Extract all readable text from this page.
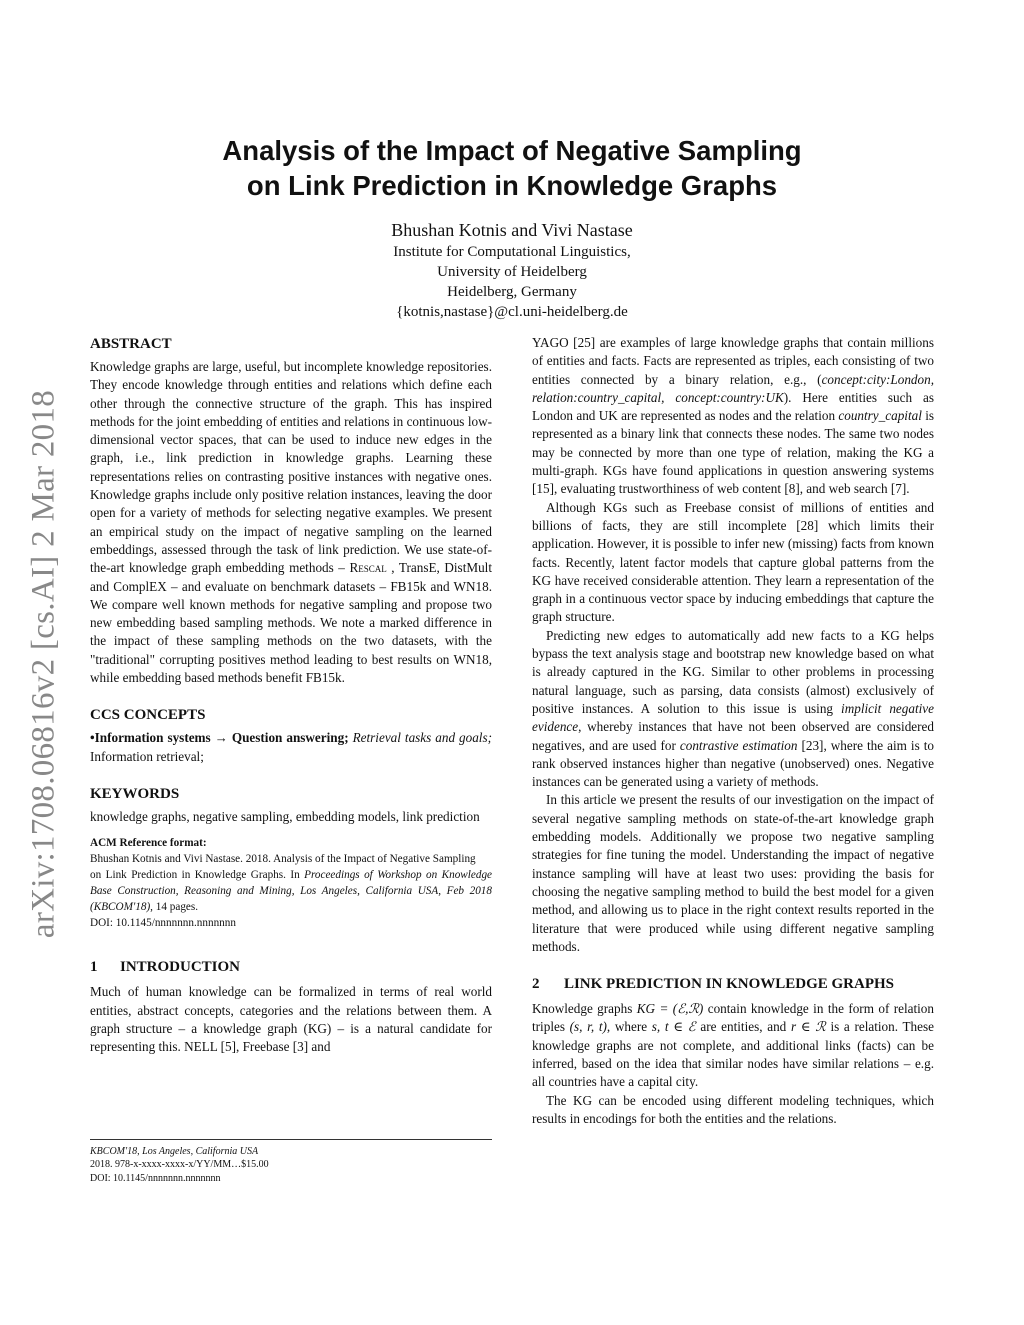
arXiv:1708.06816v2 [cs.AI] 2 Mar 2018
Analysis of the Impact of Negative Sampling
on Link Prediction in Knowledge Graphs
Bhushan Kotnis and Vivi Nastase
Institute for Computational Linguistics,
University of Heidelberg
Heidelberg, Germany
{kotnis,nastase}@cl.uni-heidelberg.de
ABSTRACT

Knowledge graphs are large, useful, but incomplete knowledge repositories. They encode knowledge through entities and relations which define each other through the connective structure of the graph. This has inspired methods for the joint embedding of entities and relations in continuous low-dimensional vector spaces, that can be used to induce new edges in the graph, i.e., link prediction in knowledge graphs. Learning these representations relies on contrasting positive instances with negative ones. Knowledge graphs include only positive relation instances, leaving the door open for a variety of methods for selecting negative examples. We present an empirical study on the impact of negative sampling on the learned embeddings, assessed through the task of link prediction. We use state-of-the-art knowledge graph embedding methods – Rescal , TransE, DistMult and ComplEX – and evaluate on benchmark datasets – FB15k and WN18. We compare well known methods for negative sampling and propose two new embedding based sampling methods. We note a marked difference in the impact of these sampling methods on the two datasets, with the "traditional" corrupting positives method leading to best results on WN18, while embedding based methods benefit FB15k.

CCS CONCEPTS

•Information systems → Question answering; Retrieval tasks and goals; Information retrieval;

KEYWORDS

knowledge graphs, negative sampling, embedding models, link prediction

ACM Reference format:
Bhushan Kotnis and Vivi Nastase. 2018. Analysis of the Impact of Negative Sampling
on Link Prediction in Knowledge Graphs. In Proceedings of Workshop on Knowledge Base Construction, Reasoning and Mining, Los Angeles, California USA, Feb 2018 (KBCOM'18), 14 pages.
DOI: 10.1145/nnnnnnn.nnnnnnn
1 INTRODUCTION

Much of human knowledge can be formalized in terms of real world entities, abstract concepts, categories and the relations between them. A graph structure – a knowledge graph (KG) – is a natural candidate for representing this. NELL [5], Freebase [3] and

KBCOM'18, Los Angeles, California USA
2018. 978-x-xxxx-xxxx-x/YY/MM…$15.00
DOI: 10.1145/nnnnnnn.nnnnnnn

YAGO [25] are examples of large knowledge graphs that contain millions of entities and facts. Facts are represented as triples, each consisting of two entities connected by a binary relation, e.g., (concept:city:London, relation:country_capital, concept:country:UK). Here entities such as London and UK are represented as nodes and the relation country_capital is represented as a binary link that connects these nodes. The same two nodes may be connected by more than one type of relation, making the KG a multi-graph. KGs have found applications in question answering systems [15], evaluating trustworthiness of web content [8], and web search [7].

Although KGs such as Freebase consist of millions of entities and billions of facts, they are still incomplete [28] which limits their application. However, it is possible to infer new (missing) facts from known facts. Recently, latent factor models that capture global patterns from the KG have received considerable attention. They learn a representation of the graph in a continuous vector space by inducing embeddings that capture the graph structure.

Predicting new edges to automatically add new facts to a KG helps bypass the text analysis stage and bootstrap new knowledge based on what is already captured in the KG. Similar to other problems in processing natural language, such as parsing, data consists (almost) exclusively of positive instances. A solution to this issue is using implicit negative evidence, whereby instances that have not been observed are considered negatives, and are used for contrastive estimation [23], where the aim is to rank observed instances higher than negative (unobserved) ones. Negative instances can be generated using a variety of methods.

In this article we present the results of our investigation on the impact of several negative sampling methods on state-of-the-art knowledge graph embedding models. Additionally we propose two negative sampling strategies for fine tuning the model. Understanding the impact of negative instance sampling will have at least two uses: providing the basis for choosing the negative sampling method to build the best model for a given method, and allowing us to place in the right context results reported in the literature that were produced while using different negative sampling methods.

2	LINK PREDICTION IN KNOWLEDGE GRAPHS

Knowledge graphs KG = (ℰ,ℛ) contain knowledge in the form of relation triples (s, r, t), where s, t ∈ ℰ are entities, and r ∈ ℛ is a relation. These knowledge graphs are not complete, and additional links (facts) can be inferred, based on the idea that similar nodes have similar relations – e.g. all countries have a capital city.

The KG can be encoded using different modeling techniques, which results in encodings for both the entities and the relations.
